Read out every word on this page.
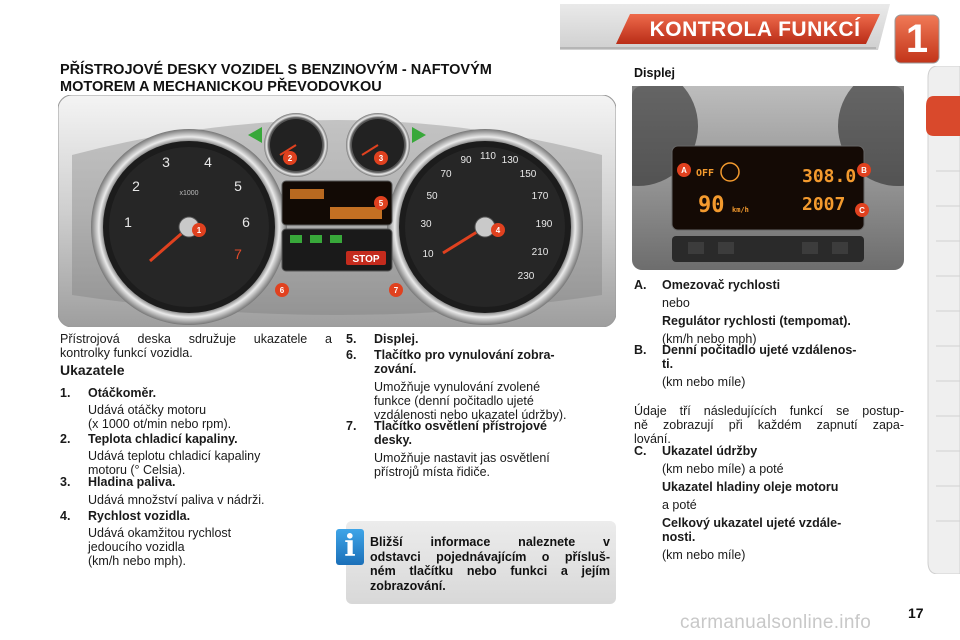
KONTROLA FUNKCÍ 1
PŘÍSTROJOVÉ DESKY VOZIDEL S BENZINOVÝM - NAFTOVÝM
MOTOREM A MECHANICKOU PŘEVODOVKOU
Displej
1
2
3 4
5
6
7
x1000
10
30
50
70
90 110 130
150
170
190
210
230
STOP
1
2	3
4
5
6	7
OFF
90 km/h
308.0
2007
A	B
C
Přístrojová deska sdružuje ukazatele a
kontrolky funkcí vozidla.
Ukazatele
1. Otáčkoměr.
Udává otáčky motoru
(x 1000 ot/min nebo rpm).
2. Teplota chladicí kapaliny.
Udává teplotu chladicí kapaliny
motoru (° Celsia).
3. Hladina paliva.
Udává množství paliva v nádrži.
4. Rychlost vozidla.
Udává okamžitou rychlost
jedoucího vozidla
(km/h nebo mph).
5. Displej.
6. Tlačítko pro vynulování zobra-
zování.
Umožňuje vynulování zvolené
funkce (denní počitadlo ujeté
vzdálenosti nebo ukazatel údržby).
7. Tlačítko osvětlení přístrojové
desky.
Umožňuje nastavit jas osvětlení
přístrojů místa řidiče.
i	Bližší informace naleznete v
odstavci pojednávajícím o přísluš-
ném tlačítku nebo funkci a jejím
zobrazování.
A. Omezovač rychlosti
nebo
Regulátor rychlosti (tempomat).
(km/h nebo mph)
B. Denní počitadlo ujeté vzdálenos-
ti.
(km nebo míle)
Údaje tří následujících funkcí se postup-
ně zobrazují při každém zapnutí zapa-
lování.
C. Ukazatel údržby
(km nebo míle) a poté
Ukazatel hladiny oleje motoru
a poté
Celkový ukazatel ujeté vzdále-
nosti.
(km nebo míle)
carmanualsonline.info	17
